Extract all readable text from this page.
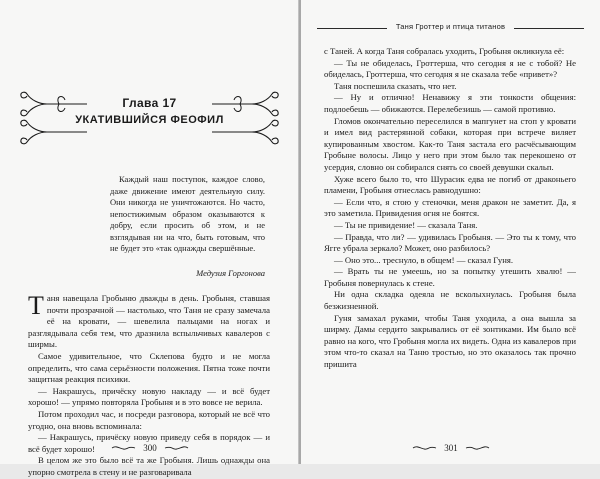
Глава 17
УКАТИВШИЙСЯ ФЕОФИЛ

Каждый наш поступок, каждое слово, даже движение имеют деятельную силу. Они никогда не уничтожаются. Но часто, непостижимым образом оказываются к добру, если просить об этом, и не взглядывая ни на что, быть готовым, что не будет это «так однажды свершённые.

Медузия Горгонова

Таня навещала Гробыню дважды в день. Гробыня, ставшая почти прозрачной — настолько, что Таня не сразу замечала её на кровати, — шевелила пальцами на ногах и разглядывала себя тем, что дразнила вспыльчивых кавалеров с ширмы.

Самое удивительное, что Склепова будто и не могла определить, что сама серьёзности положения. Пятна тоже почти защитная реакция психики.

— Накрашусь, причёску новую накладу — и всё будет хорошо! — упрямо повторяла Гробыня и в это вовсе не верила.

Потом проходил час, и посреди разговора, который не всё что угодно, она вновь вспоминала:

— Накрашусь, причёску новую приведу себя в порядок — и всё будет хорошо!

В целом же это было всё та же Гробыня. Лишь однажды она упорно смотрела в стену и не разговаривала

300
Таня Гроттер и птица титанов

с Таней. А когда Таня собралась уходить, Гробыня окликнула её:

— Ты не обиделась, Гроттерша, что сегодня я не с тобой? Не обиделась, Гроттерша, что сегодня я не сказала тебе «привет»?

Таня поспешила сказать, что нет.

— Ну и отлично! Ненавижу я эти тонкости общения: подлоебешь — обижаются. Перелебезишь — самой противно.

Гломов окончательно переселился в мапгунет на стоп у кровати и имел вид растерянной собаки, которая при встрече виляет купированным хвостом. Как-то Таня застала его расчёсывающим Гробыне волосы. Лицо у него при этом было так перекошено от усердия, словно он собирался снять со своей девушки скальп.

Хуже всего было то, что Шурасик едва не погиб от драконьего пламени, Гробыня отнеслась равнодушно:

— Если что, я стою у стеночки, меня дракон не заметит. Да, я это заметила. Привидения огня не боятся.

— Ты не привидение! — сказала Таня.

— Правда, что ли? — удивилась Гробыня. — Это ты к тому, что Ягге убрала зеркало? Может, оно разбилось?

— Оно это... треснуло, в общем! — сказал Гуня.

— Врать ты не умеешь, но за попытку утешить хвалю! — Гробыня повернулась к стене.

Ни одна складка одеяла не всколыхнулась. Гробыня была безжизненной.

Гуня замахал руками, чтобы Таня уходила, а она вышла за ширму. Дамы сердито закрывались от её зонтиками. Им было всё равно на кого, что Гробыня могла их видеть. Одна из кавалеров при этом что-то сказал на Таню тростью, но это оказалось так прочно пришита

301
